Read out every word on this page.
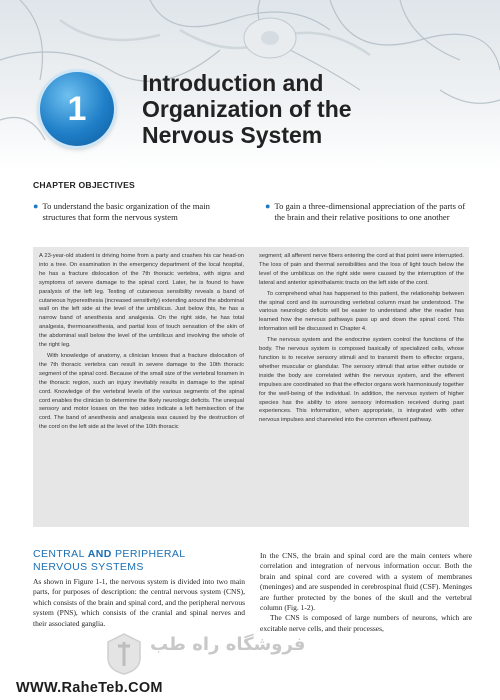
1
Introduction and
Organization of the
Nervous System
CHAPTER OBJECTIVES
● To understand the basic organization of the main structures that form the nervous system
● To gain a three-dimensional appreciation of the parts of the brain and their relative positions to one another

A 23-year-old student is driving home from a party and crashes his car head-on into a tree. On examination in the emergency department of the local hospital, he has a fracture dislocation of the 7th thoracic vertebra, with signs and symptoms of severe damage to the spinal cord. Later, he is found to have paralysis of the left leg. Testing of cutaneous sensibility reveals a band of cutaneous hyperesthesia (increased sensitivity) extending around the abdominal wall on the left side at the level of the umbilicus. Just below this, he has a narrow band of anesthesia and analgesia. On the right side, he has total analgesia, thermoanesthesia, and partial loss of touch sensation of the skin of the abdominal wall below the level of the umbilicus and involving the whole of the right leg.

With knowledge of anatomy, a clinician knows that a fracture dislocation of the 7th thoracic vertebra can result in severe damage to the 10th thoracic segment of the spinal cord. Because of the small size of the vertebral foramen in the thoracic region, such an injury inevitably results in damage to the spinal cord. Knowledge of the vertebral levels of the various segments of the spinal cord enables the clinician to determine the likely neurologic deficits. The unequal sensory and motor losses on the two sides indicate a left hemisection of the cord. The band of anesthesia and analgesia was caused by the destruction of the cord on the left side at the level of the 10th thoracic

segment; all afferent nerve fibers entering the cord at that point were interrupted. The loss of pain and thermal sensibilities and the loss of light touch below the level of the umbilicus on the right side were caused by the interruption of the lateral and anterior spinothalamic tracts on the left side of the cord.

To comprehend what has happened to this patient, the relationship between the spinal cord and its surrounding vertebral column must be understood. The various neurologic deficits will be easier to understand after the reader has learned how the nervous pathways pass up and down the spinal cord. This information will be discussed in Chapter 4.

The nervous system and the endocrine system control the functions of the body. The nervous system is composed basically of specialized cells, whose function is to receive sensory stimuli and to transmit them to effector organs, whether muscular or glandular. The sensory stimuli that arise either outside or inside the body are correlated within the nervous system, and the efferent impulses are coordinated so that the effector organs work harmoniously together for the well-being of the individual. In addition, the nervous system of higher species has the ability to store sensory information received during past experiences. This information, when appropriate, is integrated with other nervous impulses and channeled into the common efferent pathway.

CENTRAL AND PERIPHERAL
NERVOUS SYSTEMS

As shown in Figure 1-1, the nervous system is divided into two main parts, for purposes of description: the central nervous system (CNS), which consists of the brain and spinal cord, and the peripheral nervous system (PNS), which consists of the cranial and spinal nerves and their associated ganglia.

In the CNS, the brain and spinal cord are the main centers where correlation and integration of nervous information occur. Both the brain and spinal cord are covered with a system of membranes (meninges) and are suspended in cerebrospinal fluid (CSF). Meninges are further protected by the bones of the skull and the vertebral column (Fig. 1-2).

The CNS is composed of large numbers of neurons, which are excitable nerve cells, and their processes,

فروشگاه راه طب
WWW.RaheTeb.COM
